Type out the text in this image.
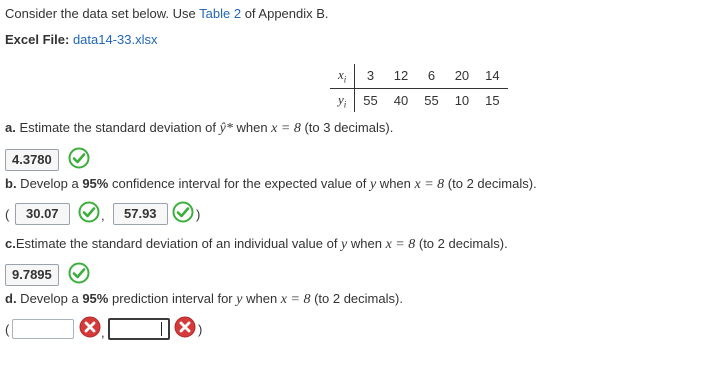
Consider the data set below. Use Table 2 of Appendix B.
Excel File: data14-33.xlsx
$x_i$	3	12	6	20	14
$y_i$	55	40	55	10	15
a. Estimate the standard deviation of ŷ* when x = 8 (to 3 decimals).
4.3780
b. Develop a 95% confidence interval for the expected value of y when x = 8 (to 2 decimals).
(	30.07	,	57.93	)
c.Estimate the standard deviation of an individual value of y when x = 8 (to 2 decimals).
9.7895
d. Develop a 95% prediction interval for y when x = 8 (to 2 decimals).
(	,	)
